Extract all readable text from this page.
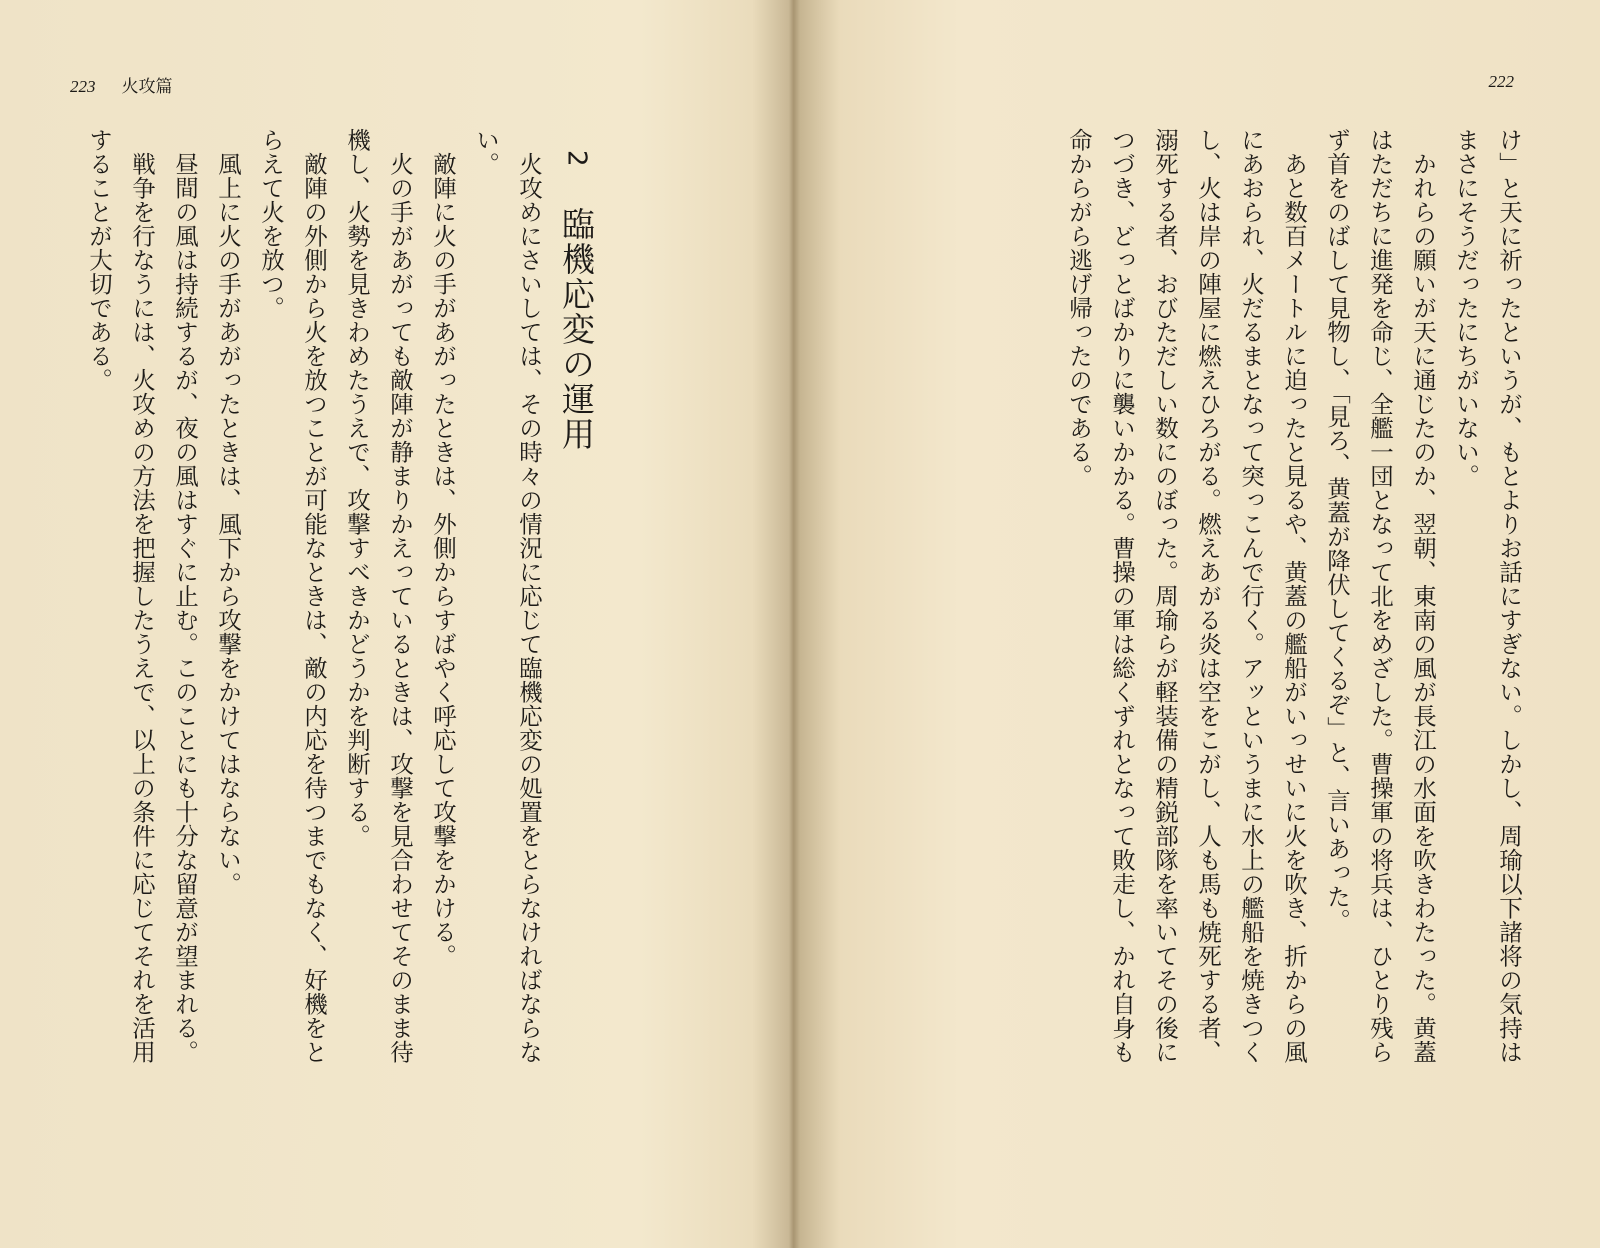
223 火攻篇
2
臨機応変の運用

火攻めにさいしては、その時々の情況に応じて臨機応変の処置をとらなければならな

い。

敵陣に火の手があがったときは、外側からすばやく呼応して攻撃をかける。

火の手があがっても敵陣が静まりかえっているときは、攻撃を見合わせてそのまま待

機し、火勢を見きわめたうえで、攻撃すべきかどうかを判断する。

敵陣の外側から火を放つことが可能なときは、敵の内応を待つまでもなく、好機をと

らえて火を放つ。

風上に火の手があがったときは、風下から攻撃をかけてはならない。

昼間の風は持続するが、夜の風はすぐに止む。このことにも十分な留意が望まれる。

戦争を行なうには、火攻めの方法を把握したうえで、以上の条件に応じてそれを活用

することが大切である。

222

け」と天に祈ったというが、もとよりお話にすぎない。しかし、周瑜以下諸将の気持は

まさにそうだったにちがいない。

かれらの願いが天に通じたのか、翌朝、東南の風が長江の水面を吹きわたった。黄蓋

はただちに進発を命じ、全艦一団となって北をめざした。曹操軍の将兵は、ひとり残ら

ず首をのばして見物し、「見ろ、黄蓋が降伏してくるぞ」と、言いあった。

あと数百メートルに迫ったと見るや、黄蓋の艦船がいっせいに火を吹き、折からの風

にあおられ、火だるまとなって突っこんで行く。アッというまに水上の艦船を焼きつく

し、火は岸の陣屋に燃えひろがる。燃えあがる炎は空をこがし、人も馬も焼死する者、

溺死する者、おびただしい数にのぼった。周瑜らが軽装備の精鋭部隊を率いてその後に

つづき、どっとばかりに襲いかかる。曹操の軍は総くずれとなって敗走し、かれ自身も

命からがら逃げ帰ったのである。
